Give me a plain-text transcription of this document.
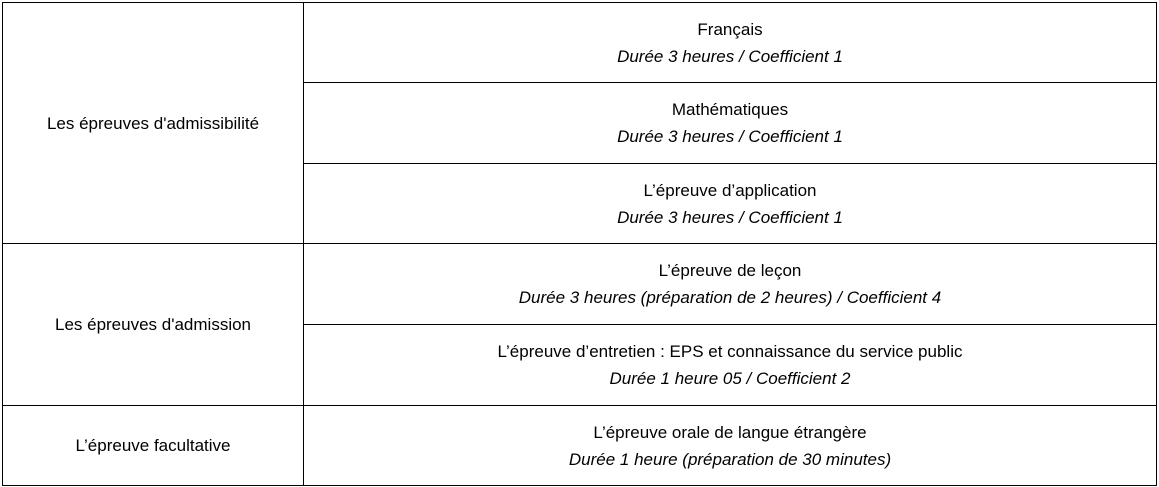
Les épreuves d'admissibilité	Français
Durée 3 heures / Coefficient 1

	Mathématiques
Durée 3 heures / Coefficient 1

	L’épreuve d’application
Durée 3 heures / Coefficient 1

Les épreuves d'admission	L’épreuve de leçon
Durée 3 heures (préparation de 2 heures) / Coefficient 4

	L’épreuve d’entretien : EPS et connaissance du service public
Durée 1 heure 05 / Coefficient 2

L’épreuve facultative	L’épreuve orale de langue étrangère
Durée 1 heure (préparation de 30 minutes)
